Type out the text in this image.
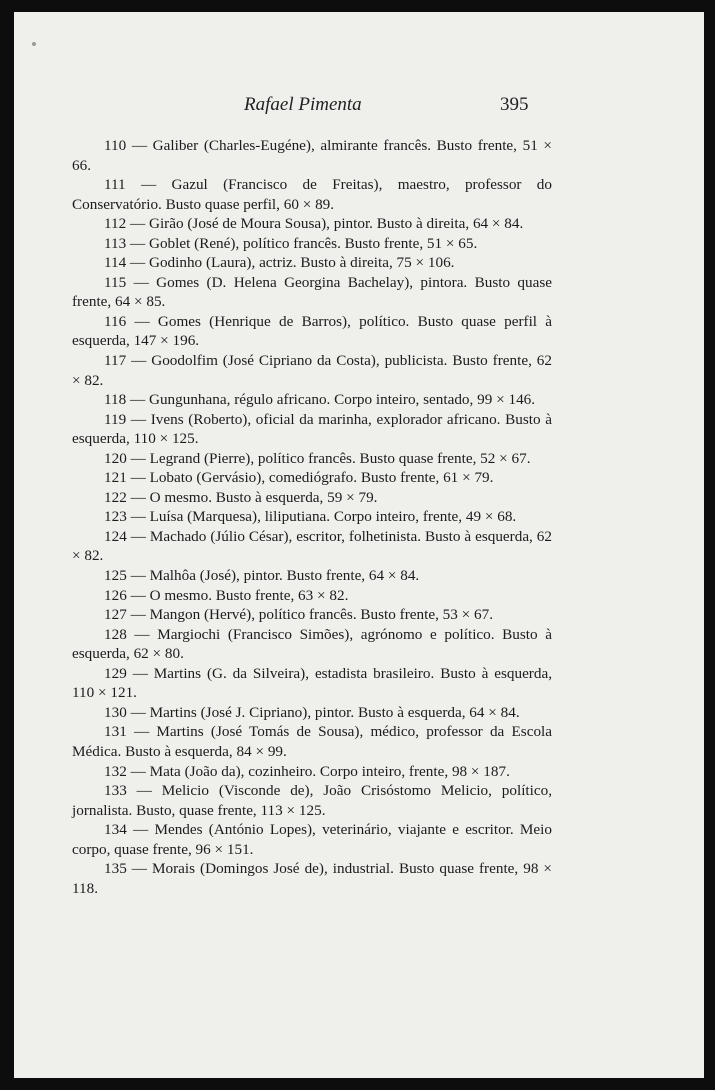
Rafael Pimenta	395
110 — Galiber (Charles-Eugéne), almirante francês. Busto frente, 51 × 66.
111 — Gazul (Francisco de Freitas), maestro, professor do Conservatório. Busto quase perfil, 60 × 89.
112 — Girão (José de Moura Sousa), pintor. Busto à direita, 64 × 84.
113 — Goblet (René), político francês. Busto frente, 51 × 65.
114 — Godinho (Laura), actriz. Busto à direita, 75 × 106.
115 — Gomes (D. Helena Georgina Bachelay), pintora. Busto quase frente, 64 × 85.
116 — Gomes (Henrique de Barros), político. Busto quase perfil à esquerda, 147 × 196.
117 — Goodolfim (José Cipriano da Costa), publicista. Busto frente, 62 × 82.
118 — Gungunhana, régulo africano. Corpo inteiro, sentado, 99 × 146.
119 — Ivens (Roberto), oficial da marinha, explorador africano. Busto à esquerda, 110 × 125.
120 — Legrand (Pierre), político francês. Busto quase frente, 52 × 67.
121 — Lobato (Gervásio), comediógrafo. Busto frente, 61 × 79.
122 — O mesmo. Busto à esquerda, 59 × 79.
123 — Luísa (Marquesa), liliputiana. Corpo inteiro, frente, 49 × 68.
124 — Machado (Júlio César), escritor, folhetinista. Busto à esquerda, 62 × 82.
125 — Malhôa (José), pintor. Busto frente, 64 × 84.
126 — O mesmo. Busto frente, 63 × 82.
127 — Mangon (Hervé), político francês. Busto frente, 53 × 67.
128 — Margiochi (Francisco Simões), agrónomo e político. Busto à esquerda, 62 × 80.
129 — Martins (G. da Silveira), estadista brasileiro. Busto à esquerda, 110 × 121.
130 — Martins (José J. Cipriano), pintor. Busto à esquerda, 64 × 84.
131 — Martins (José Tomás de Sousa), médico, professor da Escola Médica. Busto à esquerda, 84 × 99.
132 — Mata (João da), cozinheiro. Corpo inteiro, frente, 98 × 187.
133 — Melicio (Visconde de), João Crisóstomo Melicio, político, jornalista. Busto, quase frente, 113 × 125.
134 — Mendes (António Lopes), veterinário, viajante e escritor. Meio corpo, quase frente, 96 × 151.
135 — Morais (Domingos José de), industrial. Busto quase frente, 98 × 118.
